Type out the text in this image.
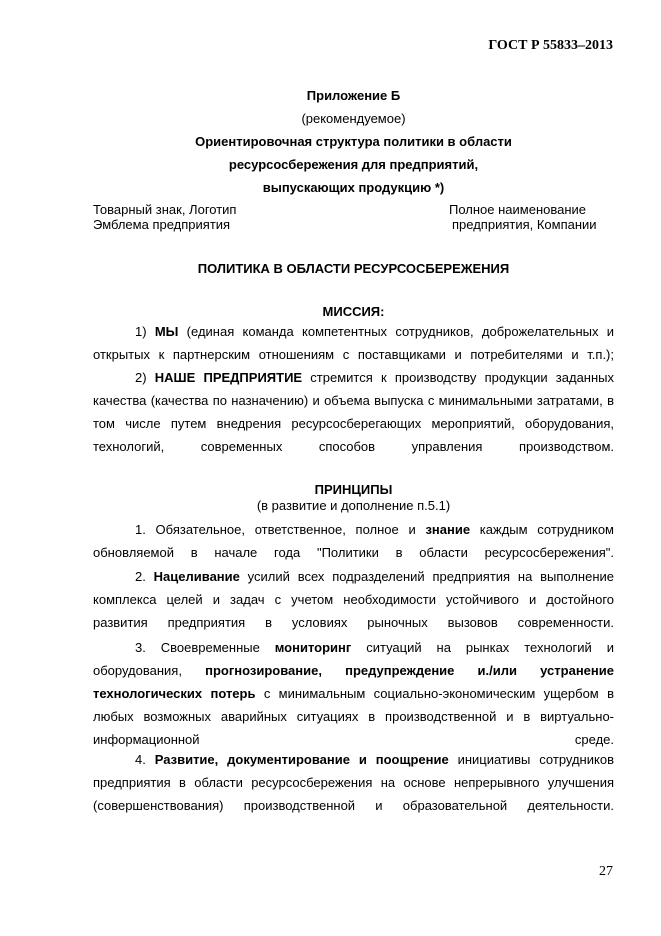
ГОСТ Р 55833–2013
Приложение Б
(рекомендуемое)
Ориентировочная структура политики в области
ресурсосбережения для предприятий,
выпускающих продукцию *)
Товарный знак, Логотип
Эмблема предприятия
Полное наименование
предприятия, Компании
ПОЛИТИКА В ОБЛАСТИ РЕСУРСОСБЕРЕЖЕНИЯ
МИССИЯ:
1) МЫ (единая команда компетентных сотрудников, доброжелательных и открытых к партнерским отношениям с поставщиками и потребителями и т.п.);
2) НАШЕ ПРЕДПРИЯТИЕ стремится к производству продукции заданных качества (качества по назначению) и объема выпуска с минимальными затратами, в том числе путем внедрения ресурсосберегающих мероприятий, оборудования, технологий, современных способов управления производством.
ПРИНЦИПЫ
(в развитие и дополнение п.5.1)
1. Обязательное, ответственное, полное и знание каждым сотрудником обновляемой в начале года "Политики в области ресурсосбережения".
2. Нацеливание усилий всех подразделений предприятия на выполнение комплекса целей и задач с учетом необходимости устойчивого и достойного развития предприятия в условиях рыночных вызовов современности.
3. Своевременные мониторинг ситуаций на рынках технологий и оборудования, прогнозирование, предупреждение и./или устранение технологических потерь с минимальным социально-экономическим ущербом в любых возможных аварийных ситуациях в производственной и в виртуально-информационной среде.
4. Развитие, документирование и поощрение инициативы сотрудников предприятия в области ресурсосбережения на основе непрерывного улучшения (совершенствования) производственной и образовательной деятельности.
27
